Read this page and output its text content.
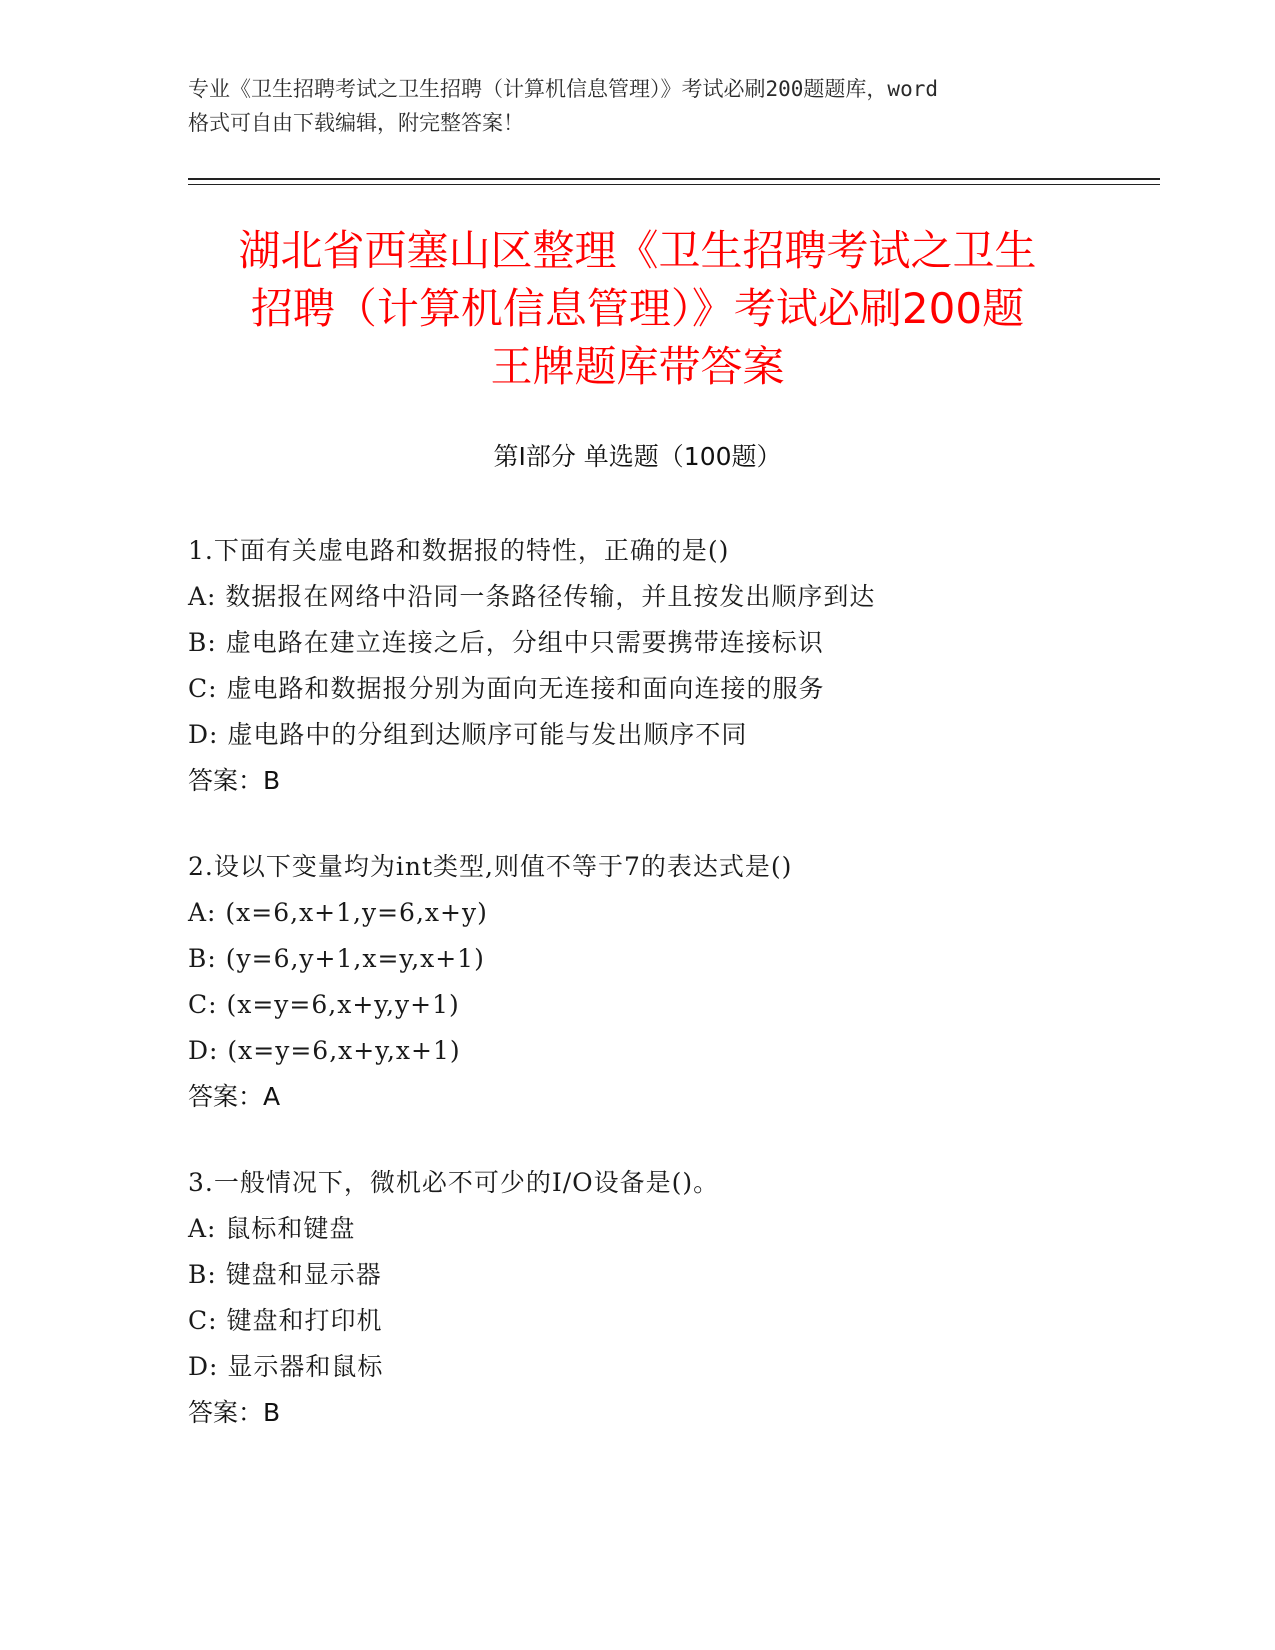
专业《卫生招聘考试之卫生招聘（计算机信息管理）》考试必刷200题题库，word
格式可自由下载编辑，附完整答案！
湖北省西塞山区整理《卫生招聘考试之卫生
招聘（计算机信息管理）》考试必刷200题
王牌题库带答案
第I部分 单选题（100题）
1.下面有关虚电路和数据报的特性，正确的是()
A: 数据报在网络中沿同一条路径传输，并且按发出顺序到达
B: 虚电路在建立连接之后，分组中只需要携带连接标识
C: 虚电路和数据报分别为面向无连接和面向连接的服务
D: 虚电路中的分组到达顺序可能与发出顺序不同
答案：B
2.设以下变量均为int类型,则值不等于7的表达式是()
A: (x=6,x+1,y=6,x+y)
B: (y=6,y+1,x=y,x+1)
C: (x=y=6,x+y,y+1)
D: (x=y=6,x+y,x+1)
答案：A
3.一般情况下，微机必不可少的I/O设备是()。
A: 鼠标和键盘
B: 键盘和显示器
C: 键盘和打印机
D: 显示器和鼠标
答案：B
